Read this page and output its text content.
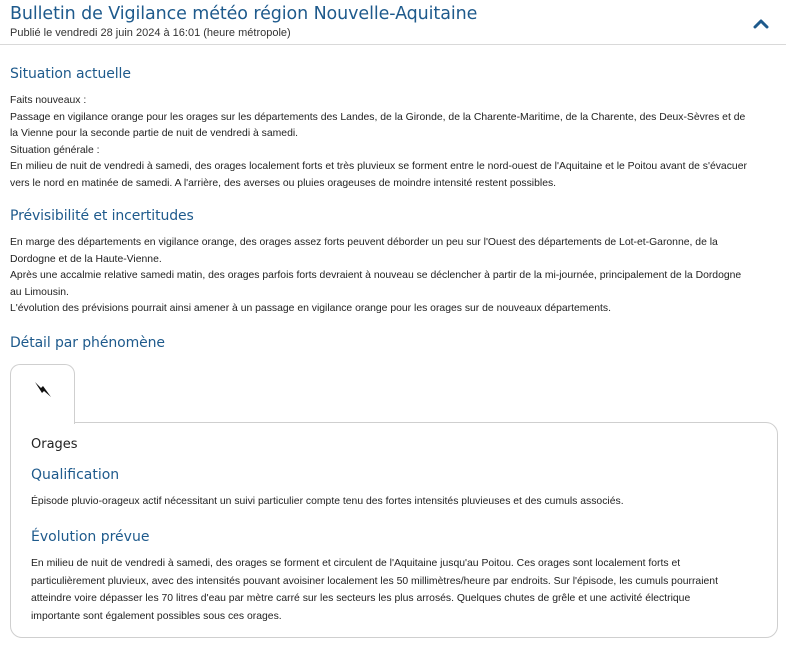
Bulletin de Vigilance météo région Nouvelle-Aquitaine
Publié le vendredi 28 juin 2024 à 16:01 (heure métropole)
Situation actuelle

Faits nouveaux :
Passage en vigilance orange pour les orages sur les départements des Landes, de la Gironde, de la Charente-Maritime, de la Charente, des Deux-Sèvres et de la Vienne pour la seconde partie de nuit de vendredi à samedi.
Situation générale :
En milieu de nuit de vendredi à samedi, des orages localement forts et très pluvieux se forment entre le nord-ouest de l'Aquitaine et le Poitou avant de s'évacuer vers le nord en matinée de samedi. A l'arrière, des averses ou pluies orageuses de moindre intensité restent possibles.

Prévisibilité et incertitudes

En marge des départements en vigilance orange, des orages assez forts peuvent déborder un peu sur l'Ouest des départements de Lot-et-Garonne, de la Dordogne et de la Haute-Vienne.
Après une accalmie relative samedi matin, des orages parfois forts devraient à nouveau se déclencher à partir de la mi-journée, principalement de la Dordogne au Limousin.
L'évolution des prévisions pourrait ainsi amener à un passage en vigilance orange pour les orages sur de nouveaux départements.

Détail par phénomène
Orages
Qualification
Épisode pluvio-orageux actif nécessitant un suivi particulier compte tenu des fortes intensités pluvieuses et des cumuls associés.
Évolution prévue
En milieu de nuit de vendredi à samedi, des orages se forment et circulent de l'Aquitaine jusqu'au Poitou. Ces orages sont localement forts et particulièrement pluvieux, avec des intensités pouvant avoisiner localement les 50 millimètres/heure par endroits. Sur l'épisode, les cumuls pourraient atteindre voire dépasser les 70 litres d'eau par mètre carré sur les secteurs les plus arrosés. Quelques chutes de grêle et une activité électrique importante sont également possibles sous ces orages.
